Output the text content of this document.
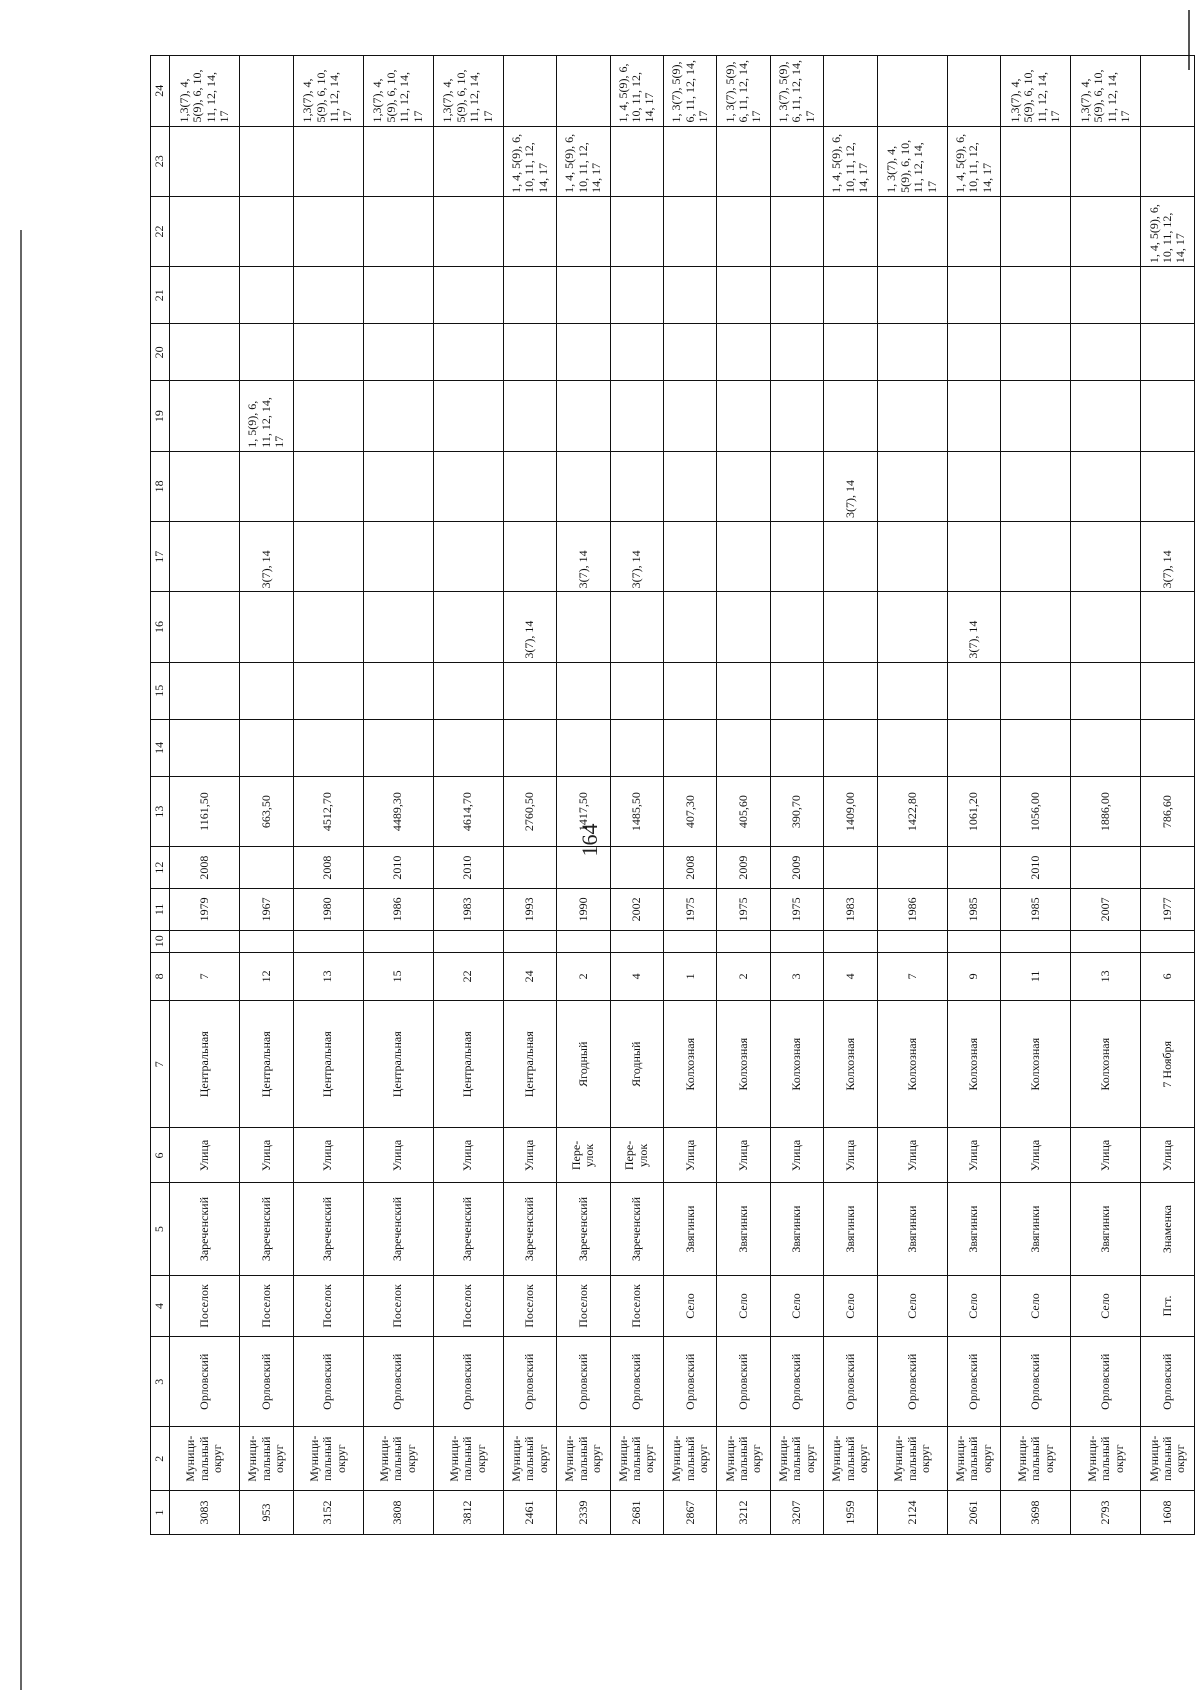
164
1	2	3	4	5	6	7	8	10	11	12	13	14	15	16	17	18	19	20	21	22	23	24
3083	Муници-пальный округ	Орловский	Поселок	Зареченский	Улица	Центральная	7		1979	2008	1161,50											1,3(7), 4, 5(9), 6, 10, 11, 12, 14, 17
953	Муници-пальный округ	Орловский	Поселок	Зареченский	Улица	Центральная	12		1967		663,50				3(7), 14		1, 5(9), 6, 11, 12, 14, 17					
3152	Муници-пальный округ	Орловский	Поселок	Зареченский	Улица	Центральная	13		1980	2008	4512,70											1,3(7), 4, 5(9), 6, 10, 11, 12, 14, 17
3808	Муници-пальный округ	Орловский	Поселок	Зареченский	Улица	Центральная	15		1986	2010	4489,30											1,3(7), 4, 5(9), 6, 10, 11, 12, 14, 17
3812	Муници-пальный округ	Орловский	Поселок	Зареченский	Улица	Центральная	22		1983	2010	4614,70											1,3(7), 4, 5(9), 6, 10, 11, 12, 14, 17
2461	Муници-пальный округ	Орловский	Поселок	Зареченский	Улица	Центральная	24		1993		2760,50			3(7), 14							1, 4, 5(9), 6, 10, 11, 12, 14, 17	
2339	Муници-пальный округ	Орловский	Поселок	Зареченский	Пере-улок	Ягодный	2		1990		1417,50				3(7), 14						1, 4, 5(9), 6, 10, 11, 12, 14, 17	
2681	Муници-пальный округ	Орловский	Поселок	Зареченский	Пере-улок	Ягодный	4		2002		1485,50				3(7), 14							1, 4, 5(9), 6, 10, 11, 12, 14, 17
2867	Муници-пальный округ	Орловский	Село	Звягинки	Улица	Колхозная	1		1975	2008	407,30											1, 3(7), 5(9), 6, 11, 12, 14, 17
3212	Муници-пальный округ	Орловский	Село	Звягинки	Улица	Колхозная	2		1975	2009	405,60											1, 3(7), 5(9), 6, 11, 12, 14, 17
3207	Муници-пальный округ	Орловский	Село	Звягинки	Улица	Колхозная	3		1975	2009	390,70											1, 3(7), 5(9), 6, 11, 12, 14, 17
1959	Муници-пальный округ	Орловский	Село	Звягинки	Улица	Колхозная	4		1983		1409,00					3(7), 14					1, 4, 5(9), 6, 10, 11, 12, 14, 17	
2124	Муници-пальный округ	Орловский	Село	Звягинки	Улица	Колхозная	7		1986		1422,80										1, 3(7), 4, 5(9), 6, 10, 11, 12, 14, 17	
2061	Муници-пальный округ	Орловский	Село	Звягинки	Улица	Колхозная	9		1985		1061,20			3(7), 14							1, 4, 5(9), 6, 10, 11, 12, 14, 17	
3698	Муници-пальный округ	Орловский	Село	Звягинки	Улица	Колхозная	11		1985	2010	1056,00											1,3(7), 4, 5(9), 6, 10, 11, 12, 14, 17
2793	Муници-пальный округ	Орловский	Село	Звягинки	Улица	Колхозная	13		2007		1886,00											1,3(7), 4, 5(9), 6, 10, 11, 12, 14, 17
1608	Муници-пальный округ	Орловский	Пгт.	Знаменка	Улица	7 Ноября	6		1977		786,60				3(7), 14					1, 4, 5(9), 6, 10, 11, 12, 14, 17		
